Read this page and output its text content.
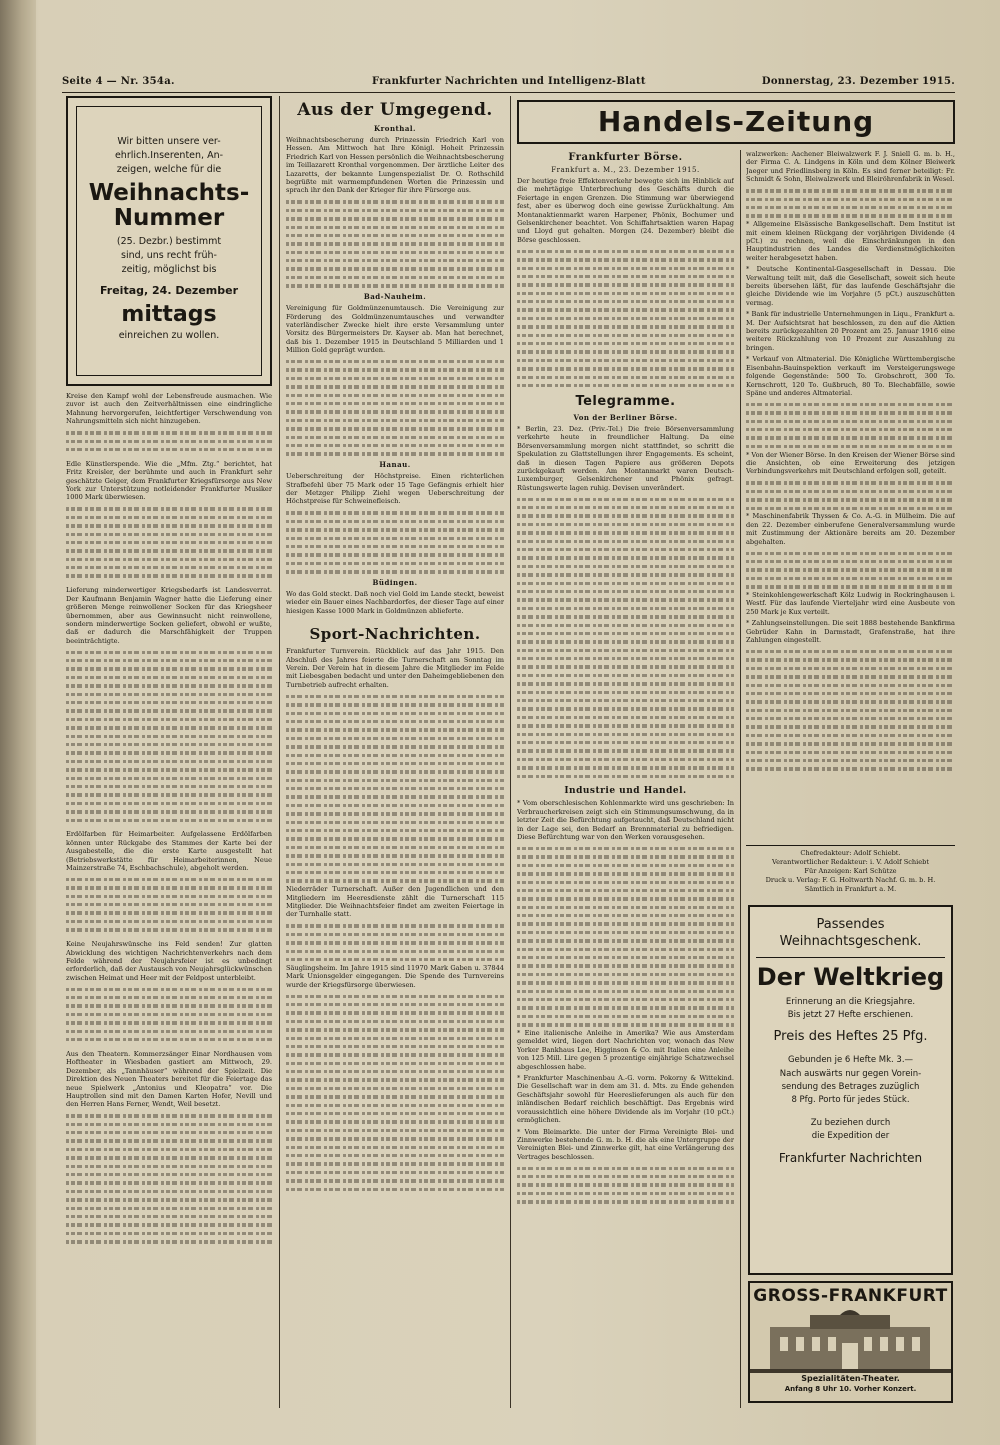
Seite 4 — Nr. 354a.	Frankfurter Nachrichten und Intelligenz-Blatt	Donnerstag, 23. Dezember 1915.
Wir bitten unsere ver-
ehrlich.Inserenten, An-
zeigen, welche für die
Weihnachts-
Nummer
(25. Dezbr.) bestimmt
sind, uns recht früh-
zeitig, möglichst bis
Freitag, 24. Dezember
mittags
einreichen zu wollen.

Kreise den Kampf wohl der Lebensfreude ausmachen. Wie zuvor ist auch den Zeitverhältnissen eine eindringliche Mahnung hervorgerufen, leichtfertiger Verschwendung von Nahrungsmitteln sich nicht hinzugeben.

Edle Künstlerspende. Wie die „Mfm. Ztg.“ berichtet, hat Fritz Kreisler, der berühmte und auch in Frankfurt sehr geschätzte Geiger, dem Frankfurter Kriegsfürsorge aus New York zur Unterstützung notleidender Frankfurter Musiker 1000 Mark überwiesen.

Lieferung minderwertiger Kriegsbedarfs ist Landesverrat. Der Kaufmann Benjamin Wagner hatte die Lieferung einer größeren Menge reinwollener Socken für das Kriegsheer übernommen, aber aus Gewinnsucht nicht reinwollene, sondern minderwertige Socken geliefert, obwohl er wußte, daß er dadurch die Marschfähigkeit der Truppen beeinträchtigte.

Erdölfarben für Heimarbeiter. Aufgelassene Erdölfarben können unter Rückgabe des Stammes der Karte bei der Ausgabestelle, die die erste Karte ausgestellt hat (Betriebswerkstätte für Heimarbeiterinnen, Neue Mainzerstraße 74, Eschbachschule), abgeholt werden.

Keine Neujahrswünsche ins Feld senden! Zur glatten Abwicklung des wichtigen Nachrichtenverkehrs nach dem Felde während der Neujahrsfeier ist es unbedingt erforderlich, daß der Austausch von Neujahrsglückwünschen zwischen Heimat und Heer mit der Feldpost unterbleibt.

Aus den Theatern. Kommerzsänger Einar Nordhausen vom Hoftheater in Wiesbaden gastiert am Mittwoch, 29. Dezember, als „Tannhäuser“ während der Spielzeit. Die Direktion des Neuen Theaters bereitet für die Feiertage das neue Spielwerk „Antonius und Kleopatra“ vor. Die Hauptrollen sind mit den Damen Karten Hofer, Nevill und den Herren Hans Ferner, Wendt, Weil besetzt.

Aus der Umgegend.
Kronthal.

Weihnachtsbescherung durch Prinzessin Friedrich Karl von Hessen. Am Mittwoch hat Ihre Königl. Hoheit Prinzessin Friedrich Karl von Hessen persönlich die Weihnachtsbescherung im Teillazarett Kronthal vorgenommen. Der ärztliche Leiter des Lazaretts, der bekannte Lungenspezialist Dr. O. Rothschild begrüßte mit warmempfundenen Worten die Prinzessin und sprach ihr den Dank der Krieger für ihre Fürsorge aus.

Bad-Nauheim.

Vereinigung für Goldmünzenumtausch. Die Vereinigung zur Förderung des Goldmünzenumtausches und verwandter vaterländischer Zwecke hielt ihre erste Versammlung unter Vorsitz des Bürgermeisters Dr. Kayser ab. Man hat berechnet, daß bis 1. Dezember 1915 in Deutschland 5 Milliarden und 1 Million Gold geprägt wurden.

Hanau.

Ueberschreitung der Höchstpreise. Einen richterlichen Strafbefehl über 75 Mark oder 15 Tage Gefängnis erhielt hier der Metzger Philipp Ziehl wegen Ueberschreitung der Höchstpreise für Schweinefleisch.

Büdingen.

Wo das Gold steckt. Daß noch viel Gold im Lande steckt, beweist wieder ein Bauer eines Nachbardorfes, der dieser Tage auf einer hiesigen Kasse 1000 Mark in Goldmünzen ablieferte.

Sport-Nachrichten.

Frankfurter Turnverein. Rückblick auf das Jahr 1915. Den Abschluß des Jahres feierte die Turnerschaft am Sonntag im Verein. Der Verein hat in diesem Jahre die Mitglieder im Felde mit Liebesgaben bedacht und unter den Daheimgebliebenen den Turnbetrieb aufrecht erhalten.

Niederräder Turnerschaft. Außer den Jugendlichen und den Mitgliedern im Heeresdienste zählt die Turnerschaft 115 Mitglieder. Die Weihnachtsfeier findet am zweiten Feiertage in der Turnhalle statt.

Säuglingsheim. Im Jahre 1915 sind 11970 Mark Gaben u. 37844 Mark Unionsgelder eingegangen. Die Spende des Turnvereins wurde der Kriegsfürsorge überwiesen.

Handels-Zeitung
Frankfurter Börse.
Frankfurt a. M., 23. Dezember 1915.

Der heutige freie Effektenverkehr bewegte sich im Hinblick auf die mehrtägige Unterbrechung des Geschäfts durch die Feiertage in engen Grenzen. Die Stimmung war überwiegend fest, aber es überwog doch eine gewisse Zurückhaltung. Am Montanaktienmarkt waren Harpener, Phönix, Bochumer und Gelsenkirchener beachtet. Von Schiffahrtsaktien waren Hapag und Lloyd gut gehalten. Morgen (24. Dezember) bleibt die Börse geschlossen.

Telegramme.
Von der Berliner Börse.

* Berlin, 23. Dez. (Priv.-Tel.) Die freie Börsenversammlung verkehrte heute in freundlicher Haltung. Da eine Börsenversammlung morgen nicht stattfindet, so schritt die Spekulation zu Glattstellungen ihrer Engagements. Es scheint, daß in diesen Tagen Papiere aus größeren Depots zurückgekauft werden. Am Montanmarkt waren Deutsch-Luxemburger, Gelsenkirchener und Phönix gefragt. Rüstungswerte lagen ruhig. Devisen unverändert.

Industrie und Handel.

* Vom oberschlesischen Kohlenmarkte wird uns geschrieben: In Verbraucherkreisen zeigt sich ein Stimmungsumschwung, da in letzter Zeit die Befürchtung aufgetaucht, daß Deutschland nicht in der Lage sei, den Bedarf an Brennmaterial zu befriedigen. Diese Befürchtung war von den Werken vorausgesehen.

* Eine italienische Anleihe in Amerika? Wie aus Amsterdam gemeldet wird, liegen dort Nachrichten vor, wonach das New Yorker Bankhaus Lee, Higginson & Co. mit Italien eine Anleihe von 125 Mill. Lire gegen 5 prozentige einjährige Schatzwechsel abgeschlossen habe.

* Frankfurter Maschinenbau A.-G. vorm. Pokorny & Wittekind. Die Gesellschaft war in dem am 31. d. Mts. zu Ende gehenden Geschäftsjahr sowohl für Heereslieferungen als auch für den inländischen Bedarf reichlich beschäftigt. Das Ergebnis wird voraussichtlich eine höhere Dividende als im Vorjahr (10 pCt.) ermöglichen.

* Vom Bleimarkte. Die unter der Firma Vereinigte Blei- und Zinnwerke bestehende G. m. b. H. die als eine Untergruppe der Vereinigten Blei- und Zinnwerke gilt, hat eine Verlängerung des Vertrages beschlossen.

walzwerken: Aachener Bleiwalzwerk F. J. Sniell G. m. b. H., der Firma C. A. Lindgens in Köln und dem Kölner Bleiwerk Jaeger und Friedlinsberg in Köln. Es sind ferner beteiligt: Fr. Schmidt & Sohn, Bleiwalzwerk und Bleiröhrenfabrik in Wesel.

* Allgemeine Elsässische Bankgesellschaft. Dem Institut ist mit einem kleinen Rückgang der vorjährigen Dividende (4 pCt.) zu rechnen, weil die Einschränkungen in den Hauptindustrien des Landes die Verdienstmöglichkeiten weiter herabgesetzt haben.

* Deutsche Kontinental-Gasgesellschaft in Dessau. Die Verwaltung teilt mit, daß die Gesellschaft, soweit sich heute bereits übersehen läßt, für das laufende Geschäftsjahr die gleiche Dividende wie im Vorjahre (5 pCt.) auszuschütten vermag.

* Bank für industrielle Unternehmungen in Liqu., Frankfurt a. M. Der Aufsichtsrat hat beschlossen, zu den auf die Aktien bereits zurückgezahlten 20 Prozent am 25. Januar 1916 eine weitere Rückzahlung von 10 Prozent zur Auszahlung zu bringen.

* Verkauf von Altmaterial. Die Königliche Württembergische Eisenbahn-Bauinspektion verkauft im Versteigerungswege folgende Gegenstände: 500 To. Grobschrott, 300 To. Kernschrott, 120 To. Gußbruch, 80 To. Blechabfälle, sowie Späne und anderes Altmaterial.

* Von der Wiener Börse. In den Kreisen der Wiener Börse sind die Ansichten, ob eine Erweiterung des jetzigen Verbindungsverkehrs mit Deutschland erfolgen soll, geteilt.

* Maschinenfabrik Thyssen & Co. A.-G. in Mülheim. Die auf den 22. Dezember einberufene Generalversammlung wurde mit Zustimmung der Aktionäre bereits am 20. Dezember abgehalten.

* Steinkohlengewerkschaft Kölz Ludwig in Rockringhausen i. Westf. Für das laufende Vierteljahr wird eine Ausbeute von 250 Mark je Kux verteilt.

* Zahlungseinstellungen. Die seit 1888 bestehende Bankfirma Gebrüder Kahn in Darmstadt, Grafenstraße, hat ihre Zahlungen eingestellt.

Chefredakteur: Adolf Schiebt.
Verantwortlicher Redakteur: i. V. Adolf Schiebt
Für Anzeigen: Karl Schütze
Druck u. Verlag: F. G. Holtwarth Nachf. G. m. b. H.
Sämtlich in Frankfurt a. M.
Passendes
Weihnachtsgeschenk.
Der Weltkrieg
Erinnerung an die Kriegsjahre.
Bis jetzt 27 Hefte erschienen.
Preis des Heftes 25 Pfg.
Gebunden je 6 Hefte Mk. 3.—
Nach auswärts nur gegen Vorein-
sendung des Betrages zuzüglich
8 Pfg. Porto für jedes Stück.
Zu beziehen durch
die Expedition der
Frankfurter Nachrichten
GROSS-FRANKFURT
Spezialitäten-Theater.
Anfang 8 Uhr 10. Vorher Konzert.
